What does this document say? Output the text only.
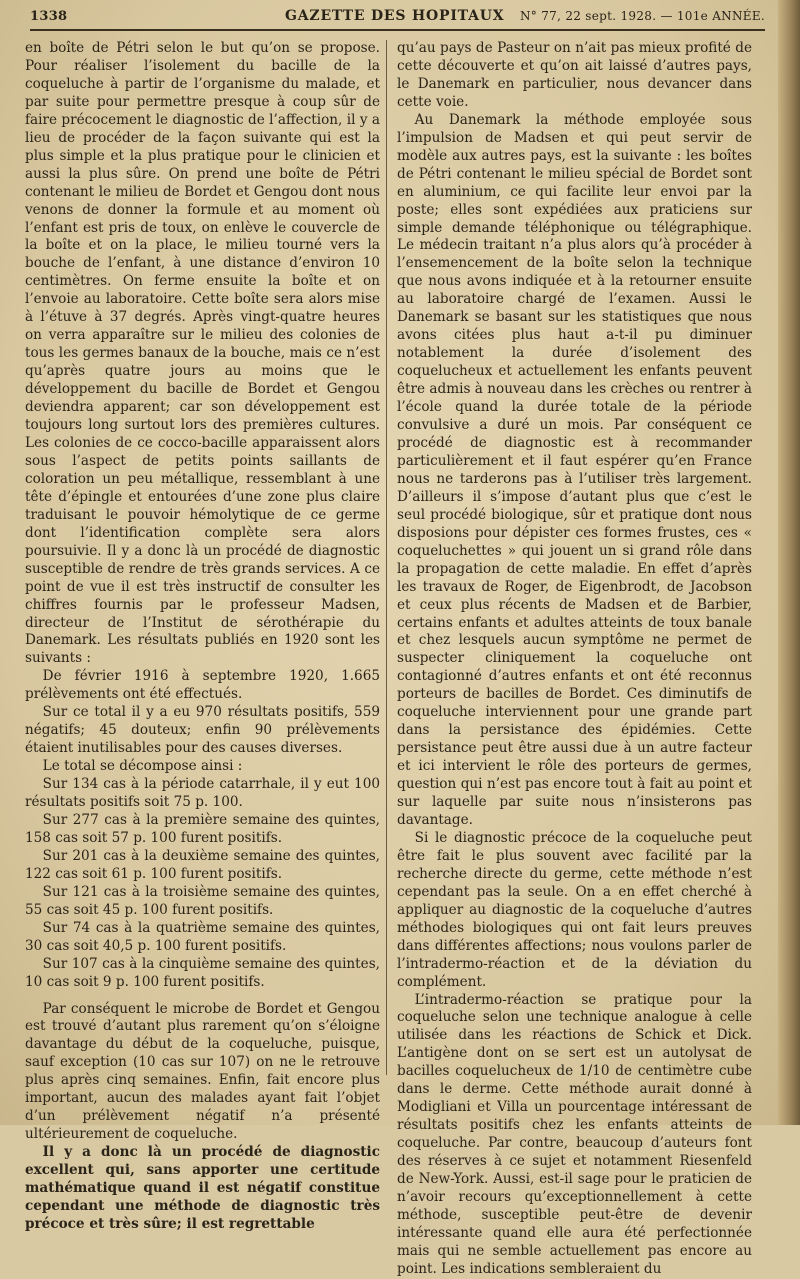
1338	GAZETTE DES HOPITAUX N° 77, 22 sept. 1928. — 101e ANNÉE.

en boîte de Pétri selon le but qu’on se propose. Pour réaliser l’isolement du bacille de la coqueluche à partir de l’organisme du malade, et par suite pour permettre presque à coup sûr de faire précocement le diagnostic de l’affection, il y a lieu de procéder de la façon suivante qui est la plus simple et la plus pratique pour le clinicien et aussi la plus sûre. On prend une boîte de Pétri contenant le milieu de Bordet et Gengou dont nous venons de donner la formule et au moment où l’enfant est pris de toux, on enlève le couvercle de la boîte et on la place, le milieu tourné vers la bouche de l’enfant, à une distance d’environ 10 centimètres. On ferme ensuite la boîte et on l’envoie au laboratoire. Cette boîte sera alors mise à l’étuve à 37 degrés. Après vingt-quatre heures on verra apparaître sur le milieu des colonies de tous les germes banaux de la bouche, mais ce n’est qu’après quatre jours au moins que le développement du bacille de Bordet et Gengou deviendra apparent; car son développement est toujours long surtout lors des premières cultures. Les colonies de ce cocco-bacille apparaissent alors sous l’aspect de petits points saillants de coloration un peu métallique, ressemblant à une tête d’épingle et entourées d’une zone plus claire traduisant le pouvoir hémolytique de ce germe dont l’identification complète sera alors poursuivie. Il y a donc là un procédé de diagnostic susceptible de rendre de très grands services. A ce point de vue il est très instructif de consulter les chiffres fournis par le professeur Madsen, directeur de l’Institut de sérothérapie du Danemark. Les résultats publiés en 1920 sont les suivants :

De février 1916 à septembre 1920, 1.665 prélèvements ont été effectués.

Sur ce total il y a eu 970 résultats positifs, 559 négatifs; 45 douteux; enfin 90 prélèvements étaient inutilisables pour des causes diverses.

Le total se décompose ainsi :

Sur 134 cas à la période catarrhale, il y eut 100 résultats positifs soit 75 p. 100.

Sur 277 cas à la première semaine des quintes, 158 cas soit 57 p. 100 furent positifs.

Sur 201 cas à la deuxième semaine des quintes, 122 cas soit 61 p. 100 furent positifs.

Sur 121 cas à la troisième semaine des quintes, 55 cas soit 45 p. 100 furent positifs.

Sur 74 cas à la quatrième semaine des quintes, 30 cas soit 40,5 p. 100 furent positifs.

Sur 107 cas à la cinquième semaine des quintes, 10 cas soit 9 p. 100 furent positifs.

Par conséquent le microbe de Bordet et Gengou est trouvé d’autant plus rarement qu’on s’éloigne davantage du début de la coqueluche, puisque, sauf exception (10 cas sur 107) on ne le retrouve plus après cinq semaines. Enfin, fait encore plus important, aucun des malades ayant fait l’objet d’un prélèvement négatif n’a présenté ultérieurement de coqueluche.

Il y a donc là un procédé de diagnostic excellent qui, sans apporter une certitude mathématique quand il est négatif constitue cependant une méthode de diagnostic très précoce et très sûre; il est regrettable

qu’au pays de Pasteur on n’ait pas mieux profité de cette découverte et qu’on ait laissé d’autres pays, le Danemark en particulier, nous devancer dans cette voie.

Au Danemark la méthode employée sous l’impulsion de Madsen et qui peut servir de modèle aux autres pays, est la suivante : les boîtes de Pétri contenant le milieu spécial de Bordet sont en aluminium, ce qui facilite leur envoi par la poste; elles sont expédiées aux praticiens sur simple demande téléphonique ou télégraphique. Le médecin traitant n’a plus alors qu’à procéder à l’ensemencement de la boîte selon la technique que nous avons indiquée et à la retourner ensuite au laboratoire chargé de l’examen. Aussi le Danemark se basant sur les statistiques que nous avons citées plus haut a-t-il pu diminuer notablement la durée d’isolement des coquelucheux et actuellement les enfants peuvent être admis à nouveau dans les crèches ou rentrer à l’école quand la durée totale de la période convulsive a duré un mois. Par conséquent ce procédé de diagnostic est à recommander particulièrement et il faut espérer qu’en France nous ne tarderons pas à l’utiliser très largement. D’ailleurs il s’impose d’autant plus que c’est le seul procédé biologique, sûr et pratique dont nous disposions pour dépister ces formes frustes, ces « coqueluchettes » qui jouent un si grand rôle dans la propagation de cette maladie. En effet d’après les travaux de Roger, de Eigenbrodt, de Jacobson et ceux plus récents de Madsen et de Barbier, certains enfants et adultes atteints de toux banale et chez lesquels aucun symptôme ne permet de suspecter cliniquement la coqueluche ont contagionné d’autres enfants et ont été reconnus porteurs de bacilles de Bordet. Ces diminutifs de coqueluche interviennent pour une grande part dans la persistance des épidémies. Cette persistance peut être aussi due à un autre facteur et ici intervient le rôle des porteurs de germes, question qui n’est pas encore tout à fait au point et sur laquelle par suite nous n’insisterons pas davantage.

Si le diagnostic précoce de la coqueluche peut être fait le plus souvent avec facilité par la recherche directe du germe, cette méthode n’est cependant pas la seule. On a en effet cherché à appliquer au diagnostic de la coqueluche d’autres méthodes biologiques qui ont fait leurs preuves dans différentes affections; nous voulons parler de l’intradermo-réaction et de la déviation du complément.

L’intradermo-réaction se pratique pour la coqueluche selon une technique analogue à celle utilisée dans les réactions de Schick et Dick. L’antigène dont on se sert est un autolysat de bacilles coquelucheux de 1/10 de centimètre cube dans le derme. Cette méthode aurait donné à Modigliani et Villa un pourcentage intéressant de résultats positifs chez les enfants atteints de coqueluche. Par contre, beaucoup d’auteurs font des réserves à ce sujet et notamment Riesenfeld de New-York. Aussi, est-il sage pour le praticien de n’avoir recours qu’exceptionnellement à cette méthode, susceptible peut-être de devenir intéressante quand elle aura été perfectionnée mais qui ne semble actuellement pas encore au point. Les indications sembleraient du
